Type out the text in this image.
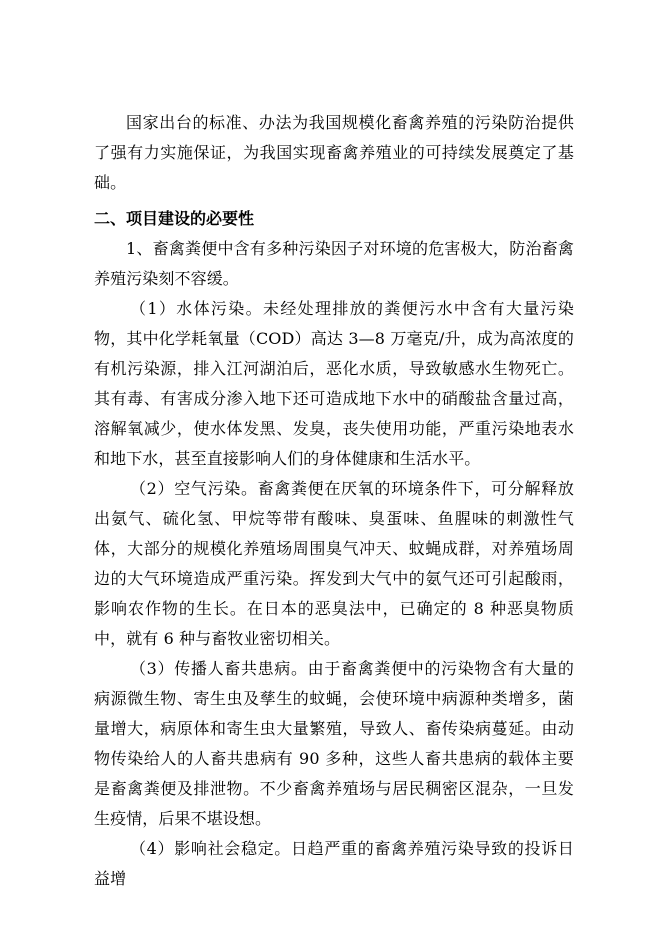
国家出台的标准、办法为我国规模化畜禽养殖的污染防治提供了强有力实施保证，为我国实现畜禽养殖业的可持续发展奠定了基础。

二、项目建设的必要性

1、畜禽粪便中含有多种污染因子对环境的危害极大，防治畜禽养殖污染刻不容缓。

（1）水体污染。未经处理排放的粪便污水中含有大量污染物，其中化学耗氧量（COD）高达 3—8 万毫克/升，成为高浓度的有机污染源，排入江河湖泊后，恶化水质，导致敏感水生物死亡。其有毒、有害成分渗入地下还可造成地下水中的硝酸盐含量过高，溶解氧减少，使水体发黑、发臭，丧失使用功能，严重污染地表水和地下水，甚至直接影响人们的身体健康和生活水平。

（2）空气污染。畜禽粪便在厌氧的环境条件下，可分解释放出氨气、硫化氢、甲烷等带有酸味、臭蛋味、鱼腥味的刺激性气体，大部分的规模化养殖场周围臭气冲天、蚊蝇成群，对养殖场周边的大气环境造成严重污染。挥发到大气中的氨气还可引起酸雨，影响农作物的生长。在日本的恶臭法中，已确定的 8 种恶臭物质中，就有 6 种与畜牧业密切相关。

（3）传播人畜共患病。由于畜禽粪便中的污染物含有大量的病源微生物、寄生虫及孳生的蚊蝇，会使环境中病源种类增多，菌量增大，病原体和寄生虫大量繁殖，导致人、畜传染病蔓延。由动物传染给人的人畜共患病有 90 多种，这些人畜共患病的载体主要是畜禽粪便及排泄物。不少畜禽养殖场与居民稠密区混杂，一旦发生疫情，后果不堪设想。

（4）影响社会稳定。日趋严重的畜禽养殖污染导致的投诉日益增
